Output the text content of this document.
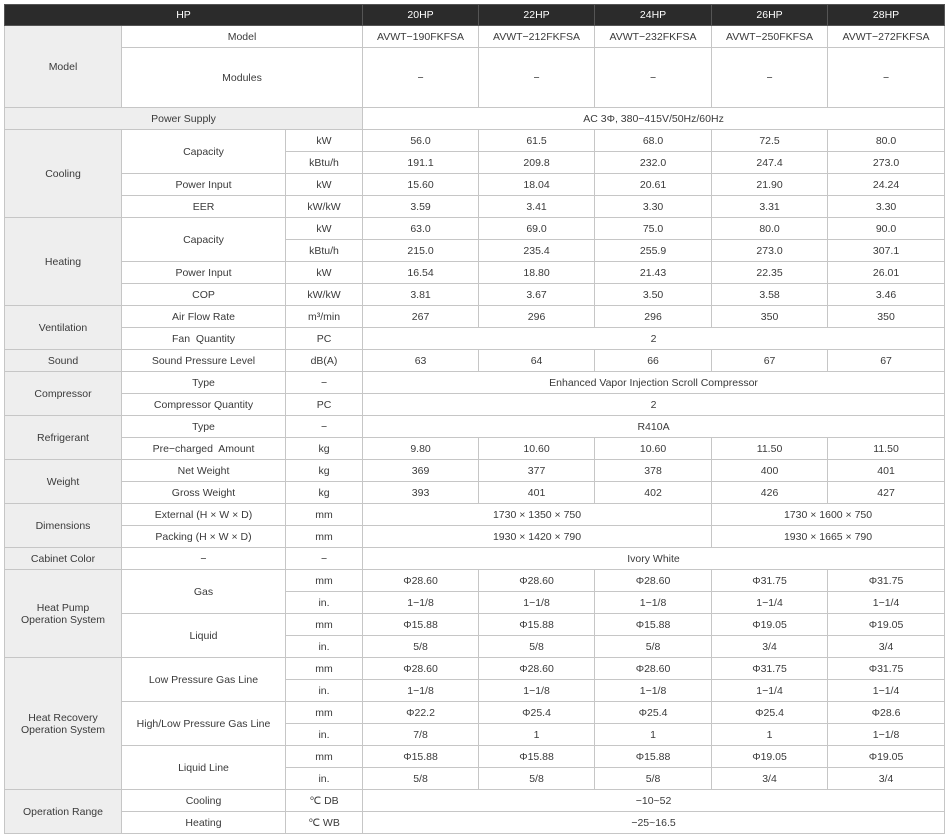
HP			20HP	22HP	24HP	26HP	28HP
Model	Model		AVWT−190FKFSA	AVWT−212FKFSA	AVWT−232FKFSA	AVWT−250FKFSA	AVWT−272FKFSA
	Modules		−	−	−	−	−
Power Supply			AC 3Φ, 380−415V/50Hz/60Hz				
Cooling	Capacity	kW	56.0	61.5	68.0	72.5	80.0
		kBtu/h	191.1	209.8	232.0	247.4	273.0
	Power Input	kW	15.60	18.04	20.61	21.90	24.24
	EER	kW/kW	3.59	3.41	3.30	3.31	3.30
Heating	Capacity	kW	63.0	69.0	75.0	80.0	90.0
		kBtu/h	215.0	235.4	255.9	273.0	307.1
	Power Input	kW	16.54	18.80	21.43	22.35	26.01
	COP	kW/kW	3.81	3.67	3.50	3.58	3.46
Ventilation	Air Flow Rate	m³/min	267	296	296	350	350
	Fan  Quantity	PC	2				
Sound	Sound Pressure Level	dB(A)	63	64	66	67	67
Compressor	Type	−	Enhanced Vapor Injection Scroll Compressor				
	Compressor Quantity	PC	2				
Refrigerant	Type	−	R410A				
	Pre−charged  Amount	kg	9.80	10.60	10.60	11.50	11.50
Weight	Net Weight	kg	369	377	378	400	401
	Gross Weight	kg	393	401	402	426	427
Dimensions	External (H × W × D)	mm	1730 × 1350 × 750			1730 × 1600 × 750	
	Packing (H × W × D)	mm	1930 × 1420 × 790			1930 × 1665 × 790	
Cabinet Color	−	−	Ivory White				

Heat Pump
Operation System	Gas	mm	Φ28.60	Φ28.60	Φ28.60	Φ31.75	Φ31.75
		in.	1−1/8	1−1/8	1−1/8	1−1/4	1−1/4
	Liquid	mm	Φ15.88	Φ15.88	Φ15.88	Φ19.05	Φ19.05
		in.	5/8	5/8	5/8	3/4	3/4

Heat Recovery
Operation System	Low Pressure Gas Line	mm	Φ28.60	Φ28.60	Φ28.60	Φ31.75	Φ31.75
		in.	1−1/8	1−1/8	1−1/8	1−1/4	1−1/4
	High/Low Pressure Gas Line	mm	Φ22.2	Φ25.4	Φ25.4	Φ25.4	Φ28.6
		in.	7/8	1	1	1	1−1/8
	Liquid Line	mm	Φ15.88	Φ15.88	Φ15.88	Φ19.05	Φ19.05
		in.	5/8	5/8	5/8	3/4	3/4
Operation Range	Cooling	℃ DB	−10~52				
	Heating	℃ WB	−25~16.5				
